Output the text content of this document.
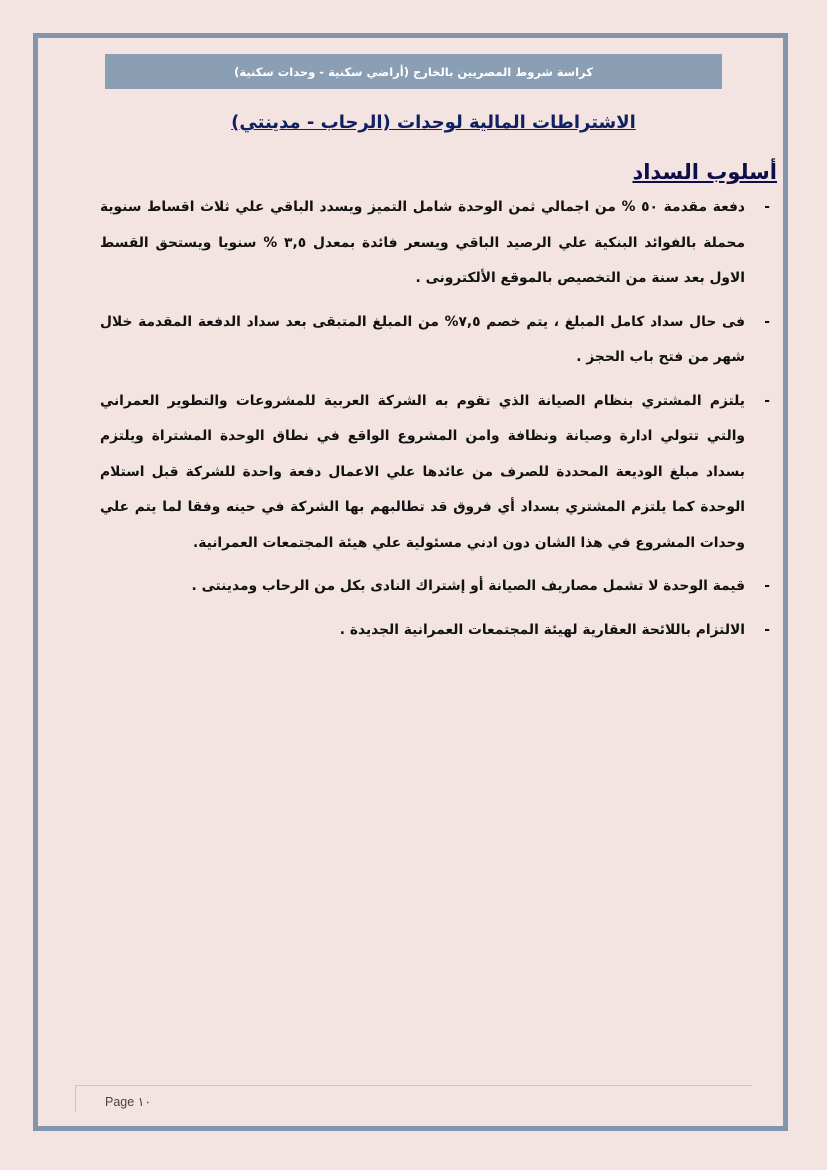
كراسة شروط المصريين بالخارج (أراضي سكنية - وحدات سكنية)
الاشتراطات المالية لوحدات (الرحاب - مدينتي)
أسلوب السداد
-
دفعة مقدمة ٥٠ % من اجمالي ثمن الوحدة شامل التميز ويسدد الباقي علي ثلاث اقساط سنوية محملة بالفوائد البنكية علي الرصيد الباقي ويسعر فائدة بمعدل ٣,٥ % سنويا ويستحق القسط الاول بعد سنة من التخصيص بالموقع الألكترونى .
-
فى حال سداد كامل المبلغ ، يتم خصم ٧,٥% من المبلغ المتبقى بعد سداد الدفعة المقدمة خلال شهر من فتح باب الحجز .
-
يلتزم المشتري بنظام الصيانة الذي تقوم به الشركة العربية للمشروعات والتطوير العمراني والتي تتولي ادارة وصيانة ونظافة وامن المشروع الواقع في نطاق الوحدة المشتراة ويلتزم بسداد مبلغ الوديعة المحددة للصرف من عائدها علي الاعمال دفعة واحدة للشركة قبل استلام الوحدة كما يلتزم المشتري بسداد أي فروق قد تطالبهم بها الشركة في حينه وفقا لما يتم علي وحدات المشروع في هذا الشان دون ادني مسئولية علي هيئة المجتمعات العمرانية.
-
قيمة الوحدة لا تشمل مصاريف الصيانة أو إشتراك النادى بكل من الرحاب ومدينتى .
-
الالتزام باللائحة العقارية لهيئة المجتمعات العمرانية الجديدة .
Page ١٠
